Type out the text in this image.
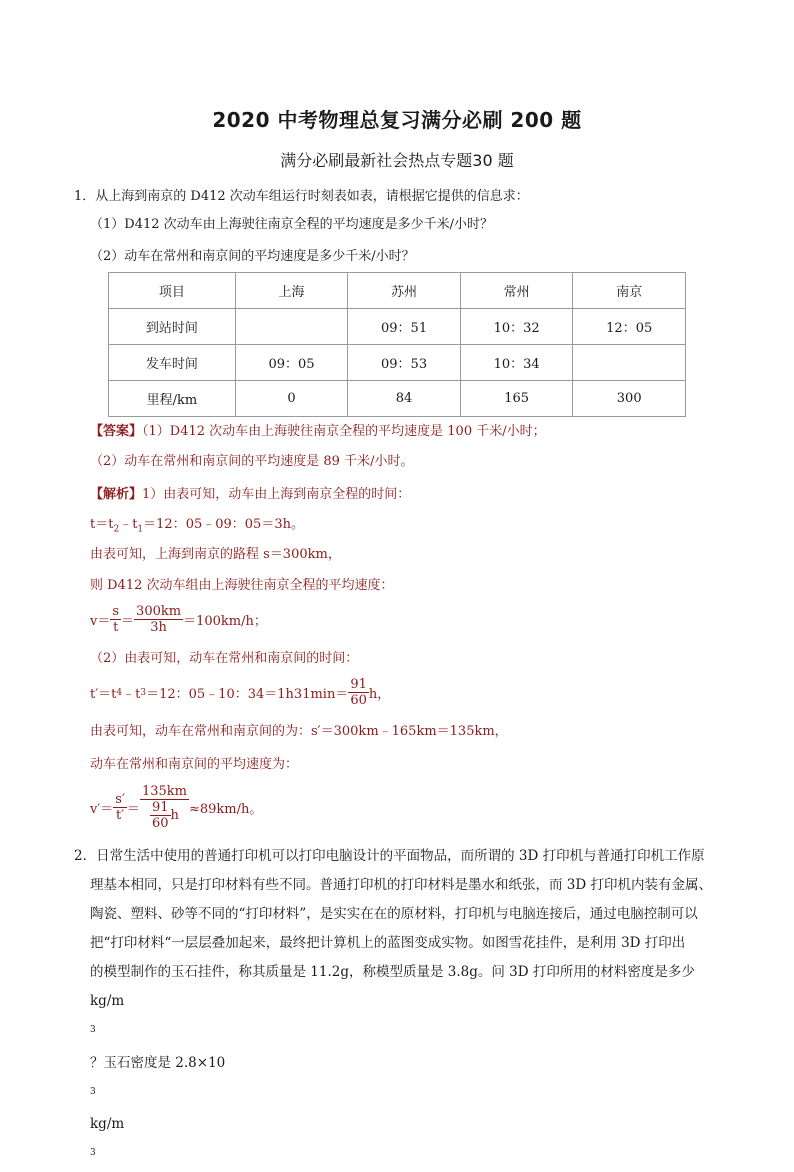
2020 中考物理总复习满分必刷 200 题
满分必刷最新社会热点专题30 题
1．从上海到南京的 D412 次动车组运行时刻表如表，请根据它提供的信息求：
（1）D412 次动车由上海驶往南京全程的平均速度是多少千米/小时？
（2）动车在常州和南京间的平均速度是多少千米/小时？
项目	上海	苏州	常州	南京
到站时间		09：51	10：32	12：05
发车时间	09：05	09：53	10：34	
里程/km	0	84	165	300
【答案】（1）D412 次动车由上海驶往南京全程的平均速度是 100 千米/小时；
（2）动车在常州和南京间的平均速度是 89 千米/小时。
【解析】1）由表可知，动车由上海到南京全程的时间：
$t=t_2﹣t_1=12$：05﹣09：05＝3h。
由表可知，上海到南京的路程 s＝300km，
则 D412 次动车组由上海驶往南京全程的平均速度：
$v= \frac{s}{t} = \frac{300km}{3h} =100km/h$；
（2）由表可知，动车在常州和南京间的时间：
t′＝t 4 ﹣t 3 ＝12：05﹣10：$34=1h31\min= \frac{91}{60}$ h，
由表可知，动车在常州和南京间的为：s′＝300km﹣165km＝135km，
动车在常州和南京间的平均速度为：
$v'= \frac{s'}{t'} = \frac{135km}{\frac{91}{60} h} \approx 89km/h$。
2．日常生活中使用的普通打印机可以打印电脑设计的平面物品，而所谓的 3D 打印机与普通打印机工作原
理基本相同，只是打印材料有些不同。普通打印机的打印材料是墨水和纸张，而 3D 打印机内装有金属、
陶瓷、塑料、砂等不同的“打印材料”，是实实在在的原材料，打印机与电脑连接后，通过电脑控制可以
把“打印材料“一层层叠加起来，最终把计算机上的蓝图变成实物。如图雪花挂件，是利用 3D 打印出
的模型制作的玉石挂件，称其质量是 11.2g，称模型质量是 3.8g。问 3D 打印所用的材料密度是多少
kg/m
$^3$
？玉石密度是 2.8×10
$^3$
kg/m
$^3$
